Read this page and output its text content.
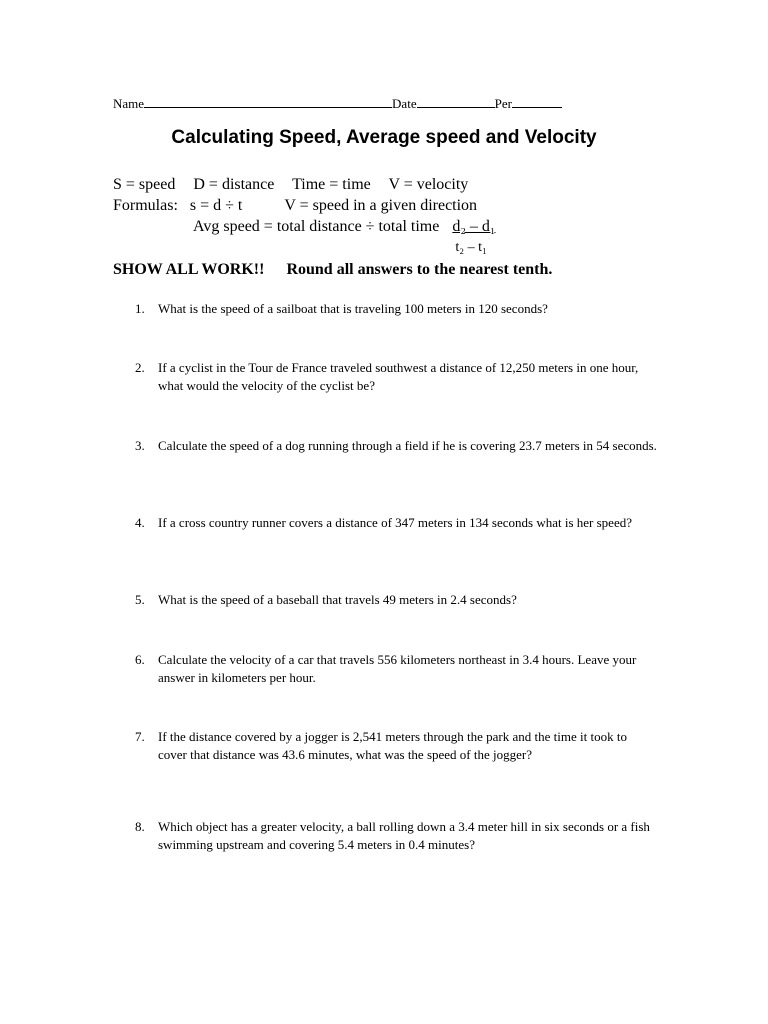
Name	Date	Per
Calculating Speed, Average speed and Velocity
S = speed D = distance Time = time V = velocity
Formulas: s = d ÷ t	V = speed in a given direction
Avg speed = total distance ÷ total time $\frac{\text{d₂ – d₁}}{\text{t₂ – t₁}}$
SHOW ALL WORK!! Round all answers to the nearest tenth.
1. What is the speed of a sailboat that is traveling 100 meters in 120 seconds?
2. If a cyclist in the Tour de France traveled southwest a distance of 12,250 meters in one hour, what would the velocity of the cyclist be?
3. Calculate the speed of a dog running through a field if he is covering 23.7 meters in 54 seconds.
4. If a cross country runner covers a distance of 347 meters in 134 seconds what is her speed?
5. What is the speed of a baseball that travels 49 meters in 2.4 seconds?
6. Calculate the velocity of a car that travels 556 kilometers northeast in 3.4 hours. Leave your answer in kilometers per hour.
7. If the distance covered by a jogger is 2,541 meters through the park and the time it took to cover that distance was 43.6 minutes, what was the speed of the jogger?
8. Which object has a greater velocity, a ball rolling down a 3.4 meter hill in six seconds or a fish swimming upstream and covering 5.4 meters in 0.4 minutes?
